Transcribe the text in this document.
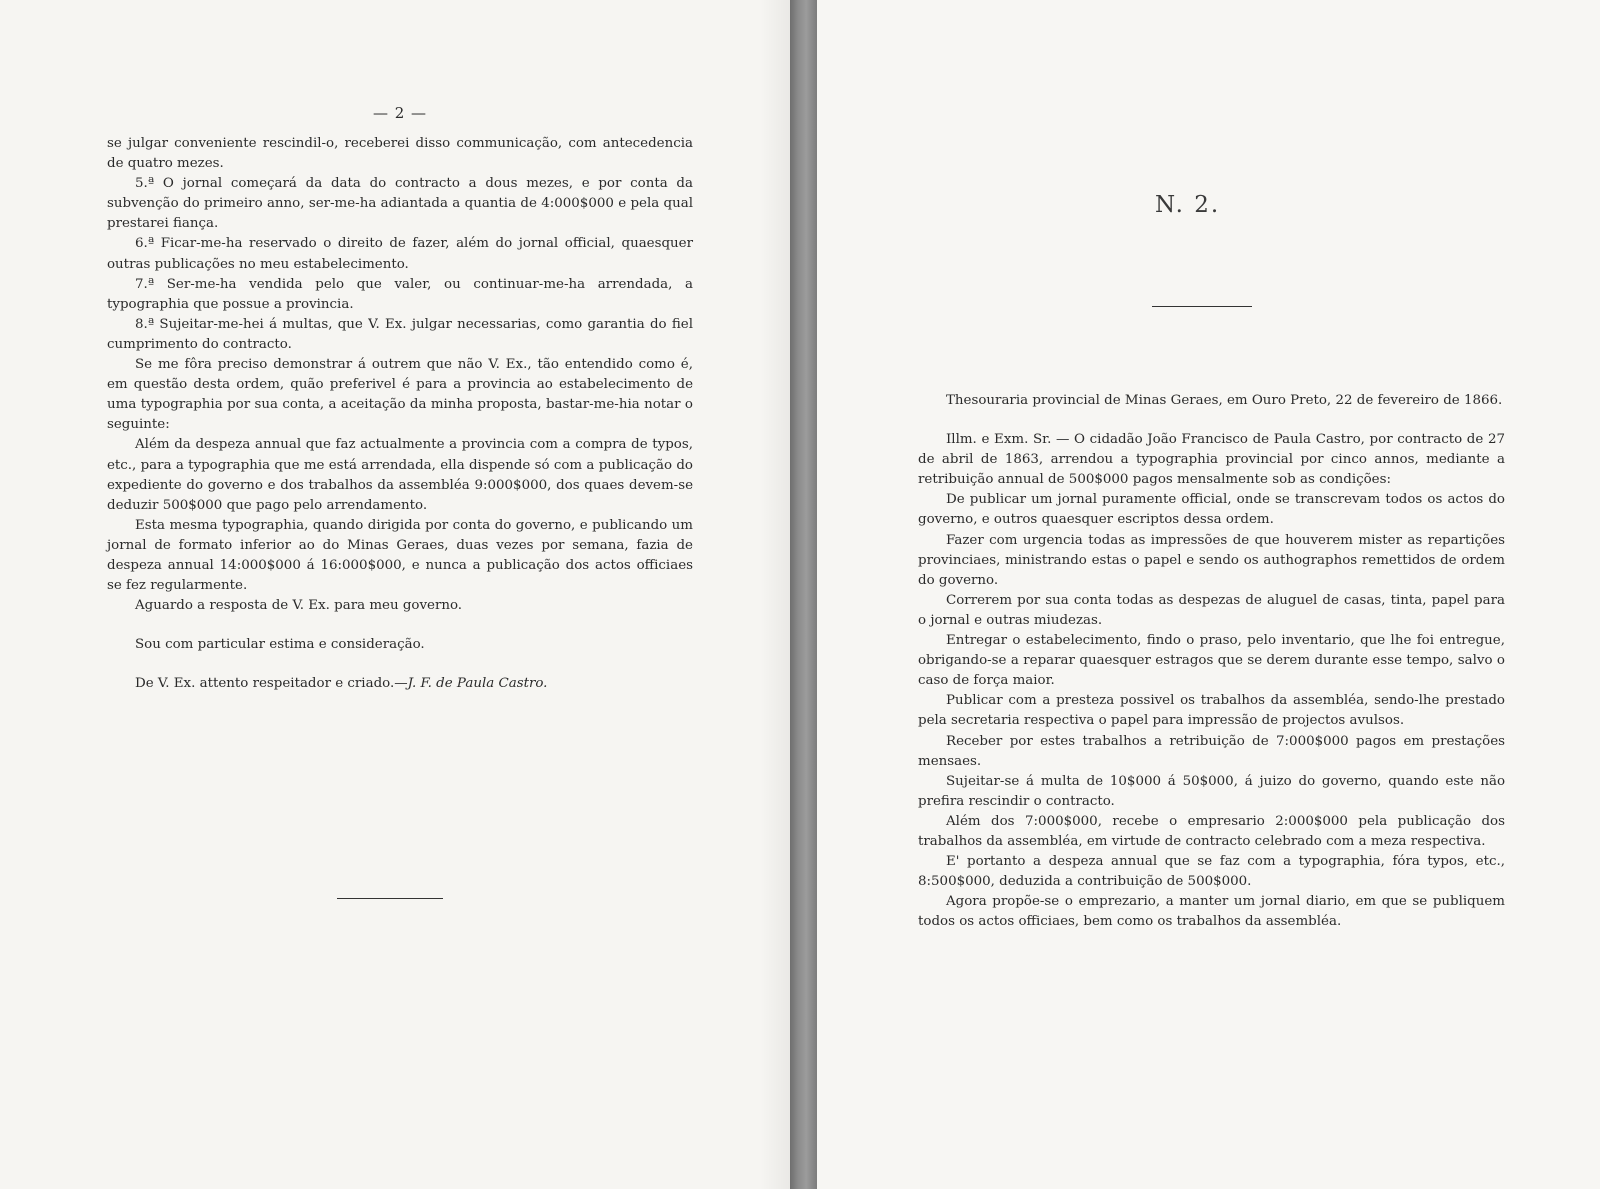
— 2 —

se julgar conveniente rescindil-o, receberei disso communicação, com antecedencia de quatro mezes.

5.ª O jornal começará da data do contracto a dous mezes, e por conta da subvenção do primeiro anno, ser-me-ha adiantada a quantia de 4:000$000 e pela qual prestarei fiança.

6.ª Ficar-me-ha reservado o direito de fazer, além do jornal official, quaesquer outras publicações no meu estabelecimento.

7.ª Ser-me-ha vendida pelo que valer, ou continuar-me-ha arrendada, a typographia que possue a provincia.

8.ª Sujeitar-me-hei á multas, que V. Ex. julgar necessarias, como garantia do fiel cumprimento do contracto.

Se me fôra preciso demonstrar á outrem que não V. Ex., tão entendido como é, em questão desta ordem, quão preferivel é para a provincia ao estabelecimento de uma typographia por sua conta, a aceitação da minha proposta, bastar-me-hia notar o seguinte:

Além da despeza annual que faz actualmente a provincia com a compra de typos, etc., para a typographia que me está arrendada, ella dispende só com a publicação do expediente do governo e dos trabalhos da assembléa 9:000$000, dos quaes devem-se deduzir 500$000 que pago pelo arrendamento.

Esta mesma typographia, quando dirigida por conta do governo, e publicando um jornal de formato inferior ao do Minas Geraes, duas vezes por semana, fazia de despeza annual 14:000$000 á 16:000$000, e nunca a publicação dos actos officiaes se fez regularmente.

Aguardo a resposta de V. Ex. para meu governo.

Sou com particular estima e consideração.

De V. Ex. attento respeitador e criado.—J. F. de Paula Castro.

N. 2.

Thesouraria provincial de Minas Geraes, em Ouro Preto, 22 de fevereiro de 1866.

Illm. e Exm. Sr. — O cidadão João Francisco de Paula Castro, por contracto de 27 de abril de 1863, arrendou a typographia provincial por cinco annos, mediante a retribuição annual de 500$000 pagos mensalmente sob as condições:

De publicar um jornal puramente official, onde se transcrevam todos os actos do governo, e outros quaesquer escriptos dessa ordem.

Fazer com urgencia todas as impressões de que houverem mister as repartições provinciaes, ministrando estas o papel e sendo os authographos remettidos de ordem do governo.

Correrem por sua conta todas as despezas de aluguel de casas, tinta, papel para o jornal e outras miudezas.

Entregar o estabelecimento, findo o praso, pelo inventario, que lhe foi entregue, obrigando-se a reparar quaesquer estragos que se derem durante esse tempo, salvo o caso de força maior.

Publicar com a presteza possivel os trabalhos da assembléa, sendo-lhe prestado pela secretaria respectiva o papel para impressão de projectos avulsos.

Receber por estes trabalhos a retribuição de 7:000$000 pagos em prestações mensaes.

Sujeitar-se á multa de 10$000 á 50$000, á juizo do governo, quando este não prefira rescindir o contracto.

Além dos 7:000$000, recebe o empresario 2:000$000 pela publicação dos trabalhos da assembléa, em virtude de contracto celebrado com a meza respectiva.

E' portanto a despeza annual que se faz com a typographia, fóra typos, etc., 8:500$000, deduzida a contribuição de 500$000.

Agora propõe-se o emprezario, a manter um jornal diario, em que se publiquem todos os actos officiaes, bem como os trabalhos da assembléa.
